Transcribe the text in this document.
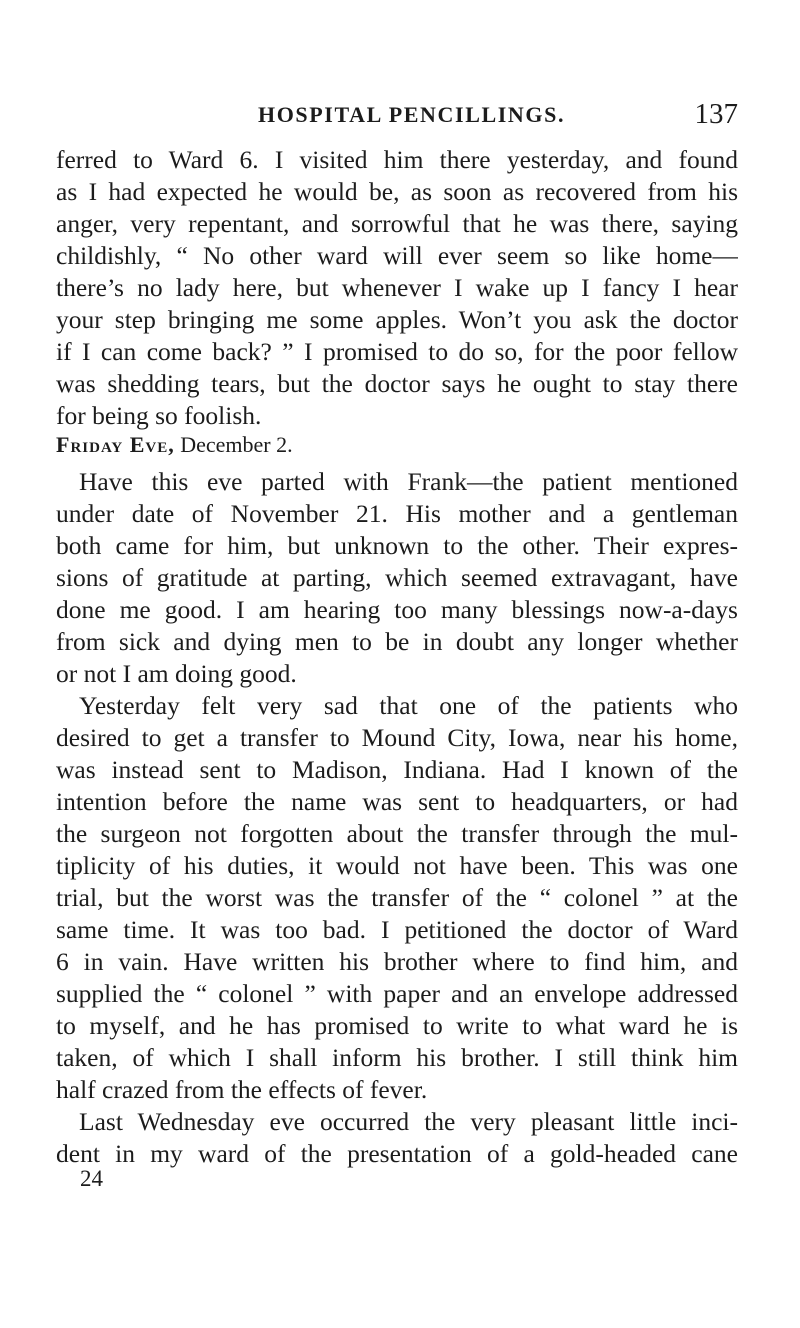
HOSPITAL PENCILLINGS.	137
ferred to Ward 6. I visited him there yesterday, and found
as I had expected he would be, as soon as recovered from his
anger, very repentant, and sorrowful that he was there, saying
childishly, “ No other ward will ever seem so like home—
there’s no lady here, but whenever I wake up I fancy I hear
your step bringing me some apples. Won’t you ask the doctor
if I can come back? ” I promised to do so, for the poor fellow
was shedding tears, but the doctor says he ought to stay there
for being so foolish.
Friday Eve, December 2.
Have this eve parted with Frank—the patient mentioned
under date of November 21. His mother and a gentleman
both came for him, but unknown to the other. Their expres-
sions of gratitude at parting, which seemed extravagant, have
done me good. I am hearing too many blessings now-a-days
from sick and dying men to be in doubt any longer whether
or not I am doing good.
Yesterday felt very sad that one of the patients who
desired to get a transfer to Mound City, Iowa, near his home,
was instead sent to Madison, Indiana. Had I known of the
intention before the name was sent to headquarters, or had
the surgeon not forgotten about the transfer through the mul-
tiplicity of his duties, it would not have been. This was one
trial, but the worst was the transfer of the “ colonel ” at the
same time. It was too bad. I petitioned the doctor of Ward
6 in vain. Have written his brother where to find him, and
supplied the “ colonel ” with paper and an envelope addressed
to myself, and he has promised to write to what ward he is
taken, of which I shall inform his brother. I still think him
half crazed from the effects of fever.
Last Wednesday eve occurred the very pleasant little inci-
dent in my ward of the presentation of a gold-headed cane
24
